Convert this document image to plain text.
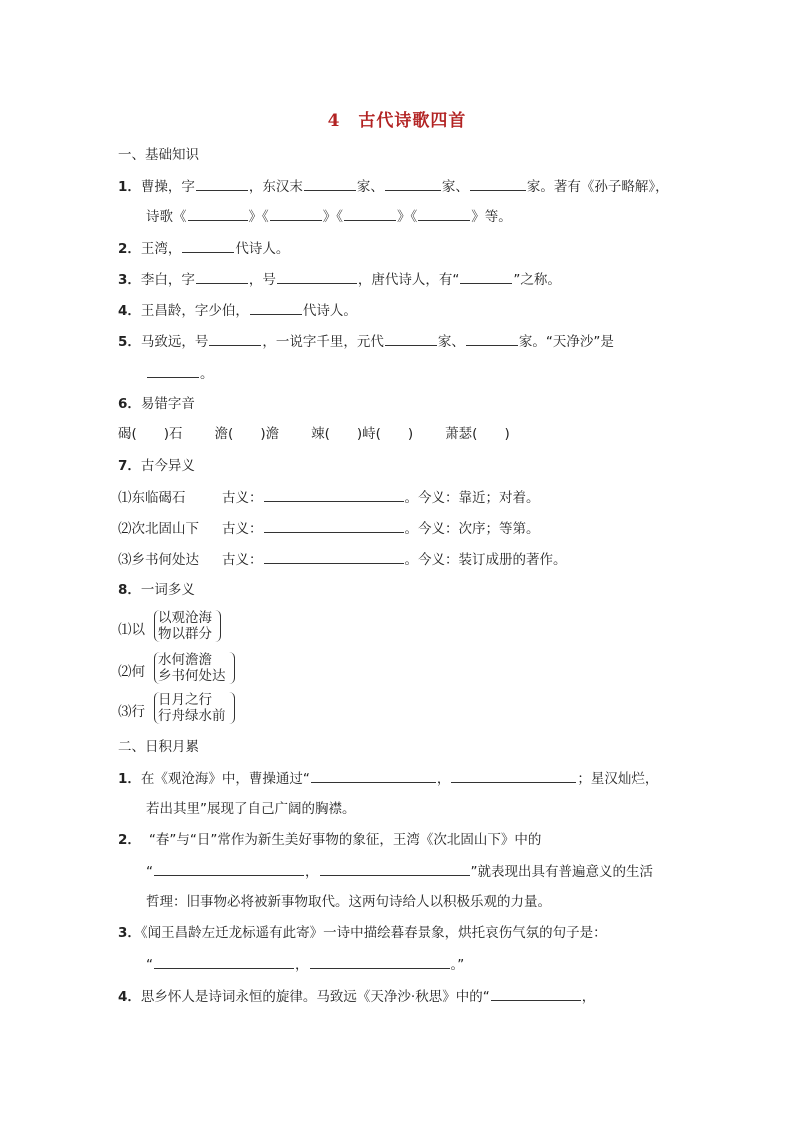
4　古代诗歌四首
一、基础知识
1．曹操，字	，东汉末	家、	家、	家。著有《孙子略解》，
诗歌《	》《	》《	》《	》等。
2．王湾，	代诗人。
3．李白，字	，号	，唐代诗人，有“	”之称。
4．王昌龄，字少伯，	代诗人。
5．马致远，号	，一说字千里，元代	家、	家。“天净沙”是
。
6．易错字音
碣(　　)石 澹(　　)澹 竦(　　)峙(　　) 萧瑟(　　)
7．古今异义
⑴东临碣石	古义：	。今义：靠近；对着。
⑵次北固山下 古义：	。今义：次序；等第。
⑶乡书何处达 古义：	。今义：装订成册的著作。
8．一词多义
⑴以
以观沧海
物以群分
⑵何
水何澹澹
乡书何处达
⑶行
日月之行
行舟绿水前
二、日积月累
1．在《观沧海》中，曹操通过“	，	；星汉灿烂，
若出其里”展现了自己广阔的胸襟。
2． “春”与“日”常作为新生美好事物的象征，王湾《次北固山下》中的
“	，	”就表现出具有普遍意义的生活
哲理：旧事物必将被新事物取代。这两句诗给人以积极乐观的力量。
3．《闻王昌龄左迁龙标遥有此寄》一诗中描绘暮春景象，烘托哀伤气氛的句子是：
“	，	。”
4．思乡怀人是诗词永恒的旋律。马致远《天净沙·秋思》中的“	，
